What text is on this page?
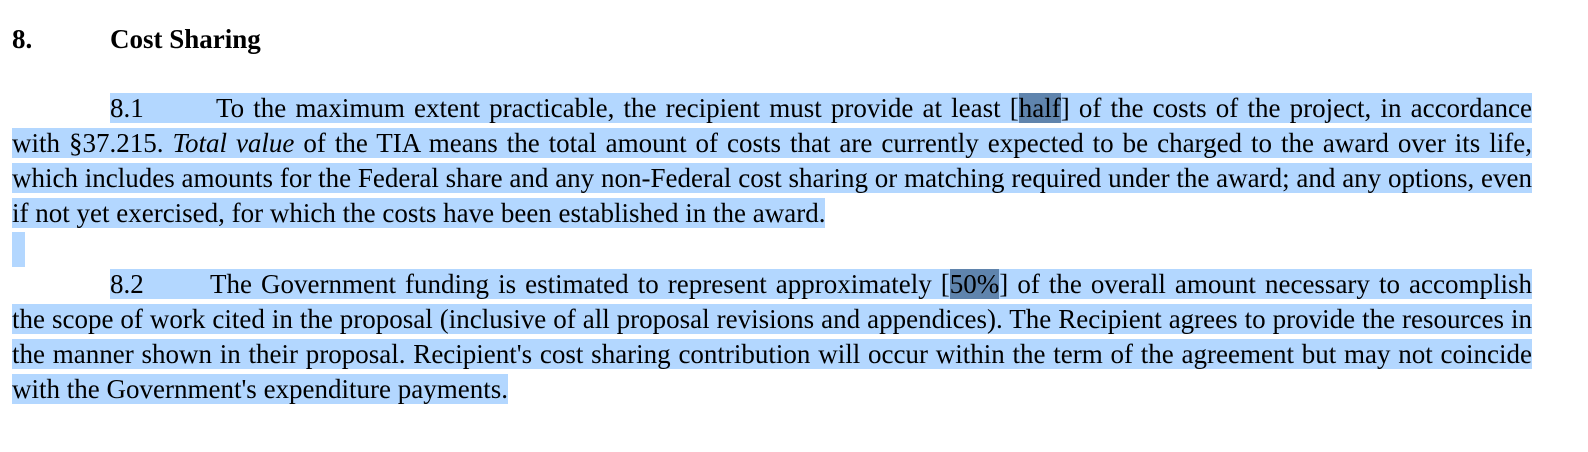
8.	Cost Sharing

8.1	To the maximum extent practicable, the recipient must provide at least [half] of the costs of the project, in accordance with §37.215. Total value of the TIA means the total amount of costs that are currently expected to be charged to the award over its life, which includes amounts for the Federal share and any non-Federal cost sharing or matching required under the award; and any options, even if not yet exercised, for which the costs have been established in the award.

8.2 The Government funding is estimated to represent approximately [50%] of the overall amount necessary to accomplish the scope of work cited in the proposal (inclusive of all proposal revisions and appendices). The Recipient agrees to provide the resources in the manner shown in their proposal. Recipient's cost sharing contribution will occur within the term of the agreement but may not coincide with the Government's expenditure payments.
